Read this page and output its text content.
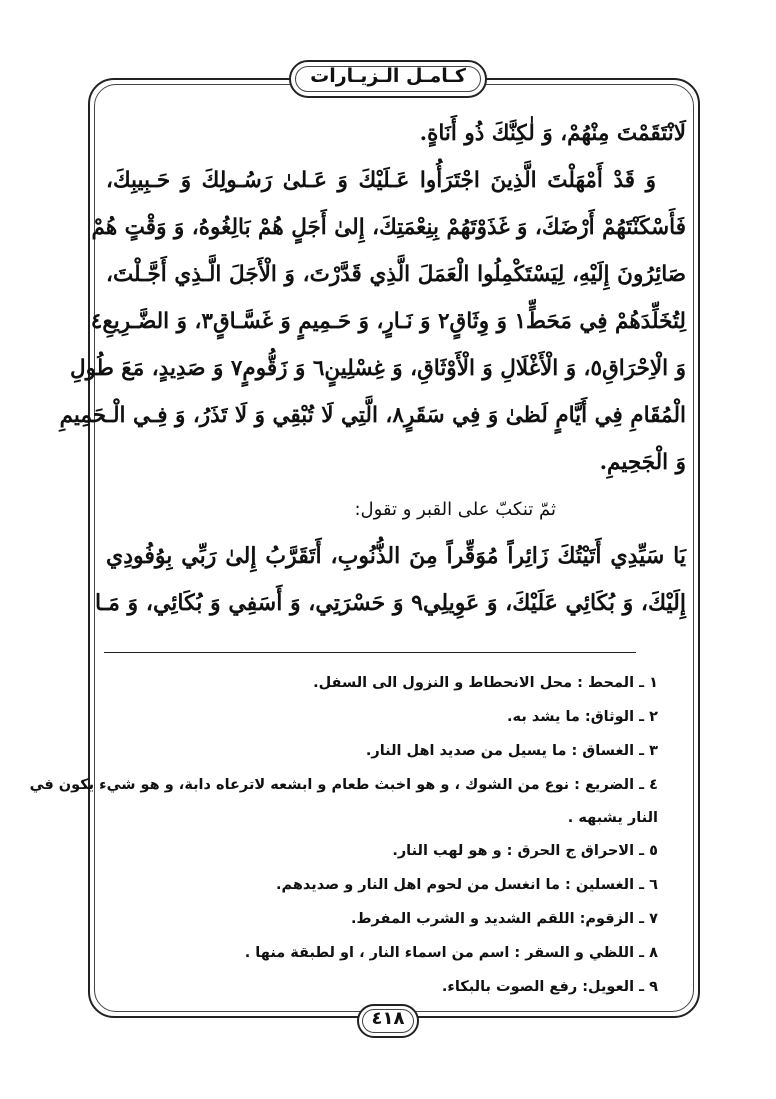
كـامـل الـزيـارات
لَانْتَقَمْتَ مِنْهُمْ، وَ لٰكِنَّكَ ذُو أَنَاةٍ.
وَ قَدْ أَمْهَلْتَ الَّذِينَ اجْتَرَأُوا عَـلَيْكَ وَ عَـلىٰ رَسُـولِكَ وَ حَـبِيبِكَ،
فَأَسْكَنْتَهُمْ أَرْضَكَ، وَ غَذَوْتَهُمْ بِنِعْمَتِكَ، إِلىٰ أَجَلٍ هُمْ بَالِغُوهُ، وَ وَقْتٍ هُمْ
صَائِرُونَ إِلَيْهِ، لِيَسْتَكْمِلُوا الْعَمَلَ الَّذِي قَدَّرْتَ، وَ الْأَجَلَ الَّـذِي أَجَّـلْتَ،
لِتُخَلِّدَهُمْ فِي مَحَطٍّ١ وَ وِثَاقٍ٢ وَ نَـارٍ، وَ حَـمِيمٍ وَ غَسَّـاقٍ٣، وَ الضَّـرِيعِ٤
وَ الْاِحْرَاقِ٥، وَ الْأَغْلَالِ وَ الْأَوْثَاقِ، وَ غِسْلِينٍ٦ وَ زَقُّومٍ٧ وَ صَدِيدٍ، مَعَ طُولِ
الْمُقَامِ فِي أَيَّامٍ لَظىٰ وَ فِي سَقَرٍ٨، الَّتِي لَا تُبْقِي وَ لَا تَذَرُ، وَ فِـي الْـحَمِيمِ
وَ الْجَحِيمِ.
ثمّ تنكبّ على القبر و تقول:
يَا سَيِّدِي أَتَيْتُكَ زَائِراً مُوَقِّراً مِنَ الذُّنُوبِ، أَتَقَرَّبُ إِلىٰ رَبِّي بِوُفُودِي
إِلَيْكَ، وَ بُكَائِي عَلَيْكَ، وَ عَوِيلِي٩ وَ حَسْرَتِي، وَ أَسَفِي وَ بُكَائِي، وَ مَـا
١ ـ المحط : محل الانحطاط و النزول الى السفل.
٢ ـ الوثاق: ما يشد به.
٣ ـ الغساق : ما يسيل من صديد اهل النار.
٤ ـ الضريع : نوع من الشوك ، و هو اخبث طعام و ابشعه لاترعاه دابة، و هو شيء يكون في
النار يشبهه .
٥ ـ الاحراق ج الحرق : و هو لهب النار.
٦ ـ الغسلين : ما انغسل من لحوم اهل النار و صديدهم.
٧ ـ الزقوم: اللقم الشديد و الشرب المفرط.
٨ ـ اللظي و السقر : اسم من اسماء النار ، او لطبقة منها .
٩ ـ العويل: رفع الصوت بالبكاء.
٤١٨
